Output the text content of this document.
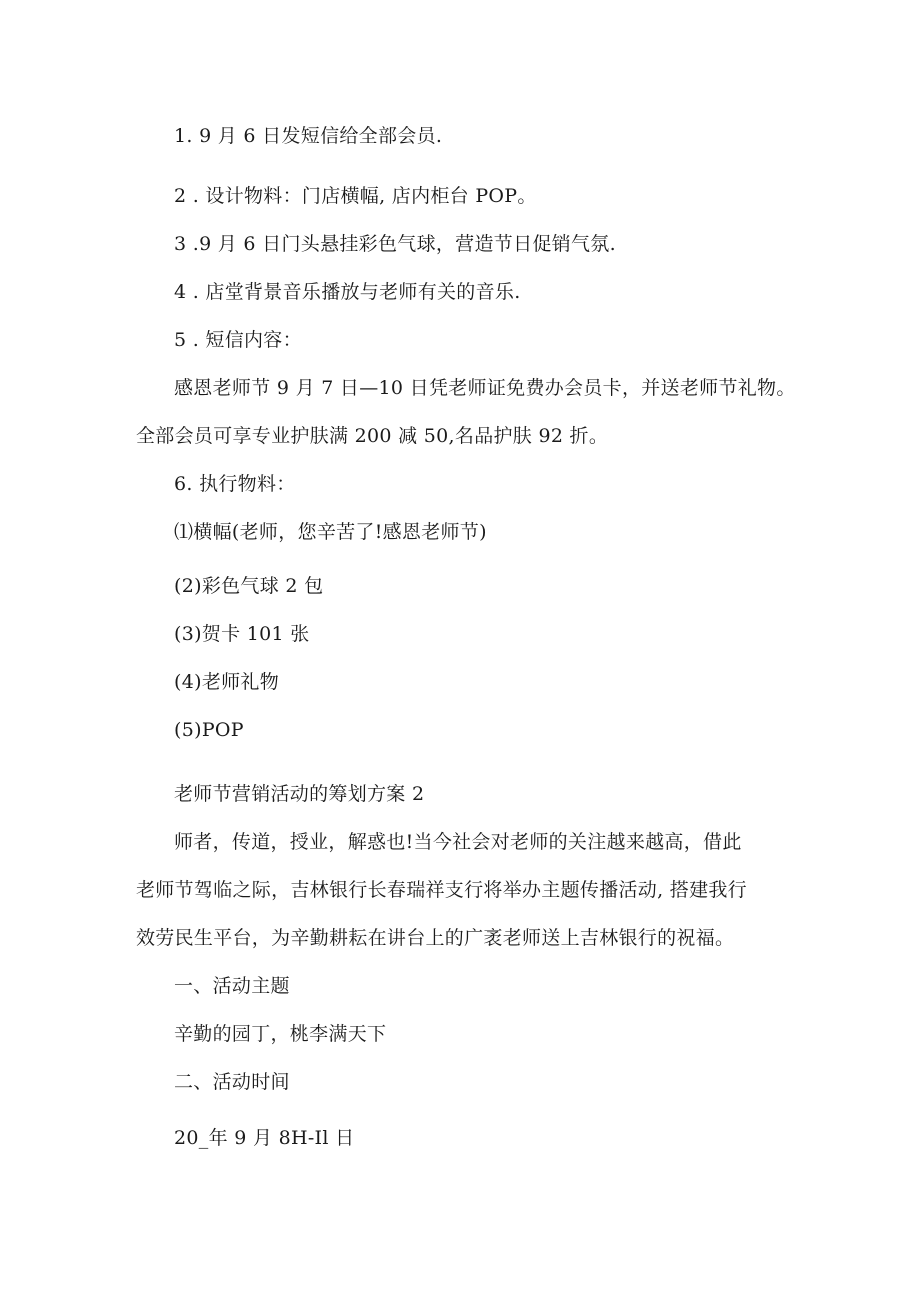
1. 9 月 6 日发短信给全部会员.
2 . 设计物料：门店横幅, 店内柜台 POP。
3 .9 月 6 日门头悬挂彩色气球，营造节日促销气氛.
4 . 店堂背景音乐播放与老师有关的音乐.
5 . 短信内容：
感恩老师节 9 月 7 日—10 日凭老师证免费办会员卡，并送老师节礼物。
全部会员可享专业护肤满 200 减 50,名品护肤 92 折。
6. 执行物料：
⑴横幅(老师，您辛苦了!感恩老师节)
(2)彩色气球 2 包
(3)贺卡 101 张
(4)老师礼物
(5)POP
老师节营销活动的筹划方案 2
师者，传道，授业，解惑也!当今社会对老师的关注越来越高，借此
老师节驾临之际，吉林银行长春瑞祥支行将举办主题传播活动, 搭建我行
效劳民生平台，为辛勤耕耘在讲台上的广袤老师送上吉林银行的祝福。
一、活动主题
辛勤的园丁，桃李满天下
二、活动时间
20_年 9 月 8H-Il 日
